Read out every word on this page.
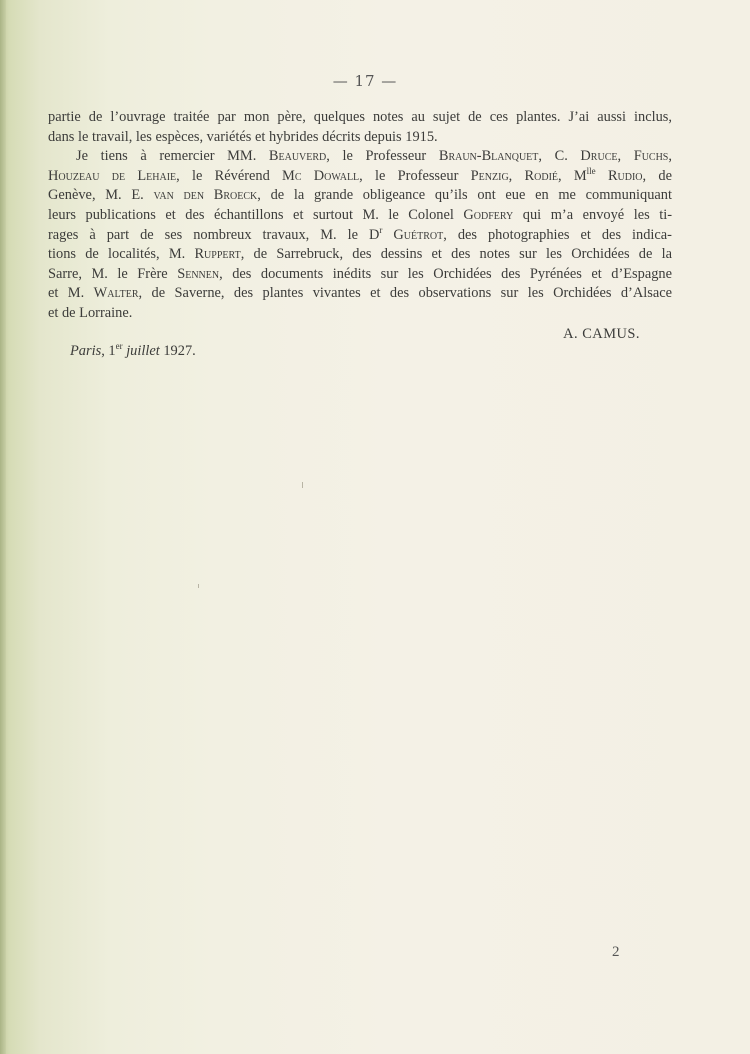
— 17 —
partie de l’ouvrage traitée par mon père, quelques notes au sujet de ces plantes. J’ai aussi inclus,
dans le travail, les espèces, variétés et hybrides décrits depuis 1915.
Je tiens à remercier MM. Beauverd, le Professeur Braun-Blanquet, C. Druce, Fuchs,
Houzeau de Lehaie, le Révérend Mc Dowall, le Professeur Penzig, Rodié, $M^{lle}$ Rudio, de
Genève, M. E. van den Broeck, de la grande obligeance qu’ils ont eue en me communiquant
leurs publications et des échantillons et surtout M. le Colonel Godfery qui m’a envoyé les ti-
rages à part de ses nombreux travaux, M. le $D^r$ Guétrot, des photographies et des indica-
tions de localités, M. Ruppert, de Sarrebruck, des dessins et des notes sur les Orchidées de la
Sarre, M. le Frère Sennen, des documents inédits sur les Orchidées des Pyrénées et d’Espagne
et M. Walter, de Saverne, des plantes vivantes et des observations sur les Orchidées d’Alsace
et de Lorraine.
A. CAMUS.
Paris, 1er juillet 1927.
2
